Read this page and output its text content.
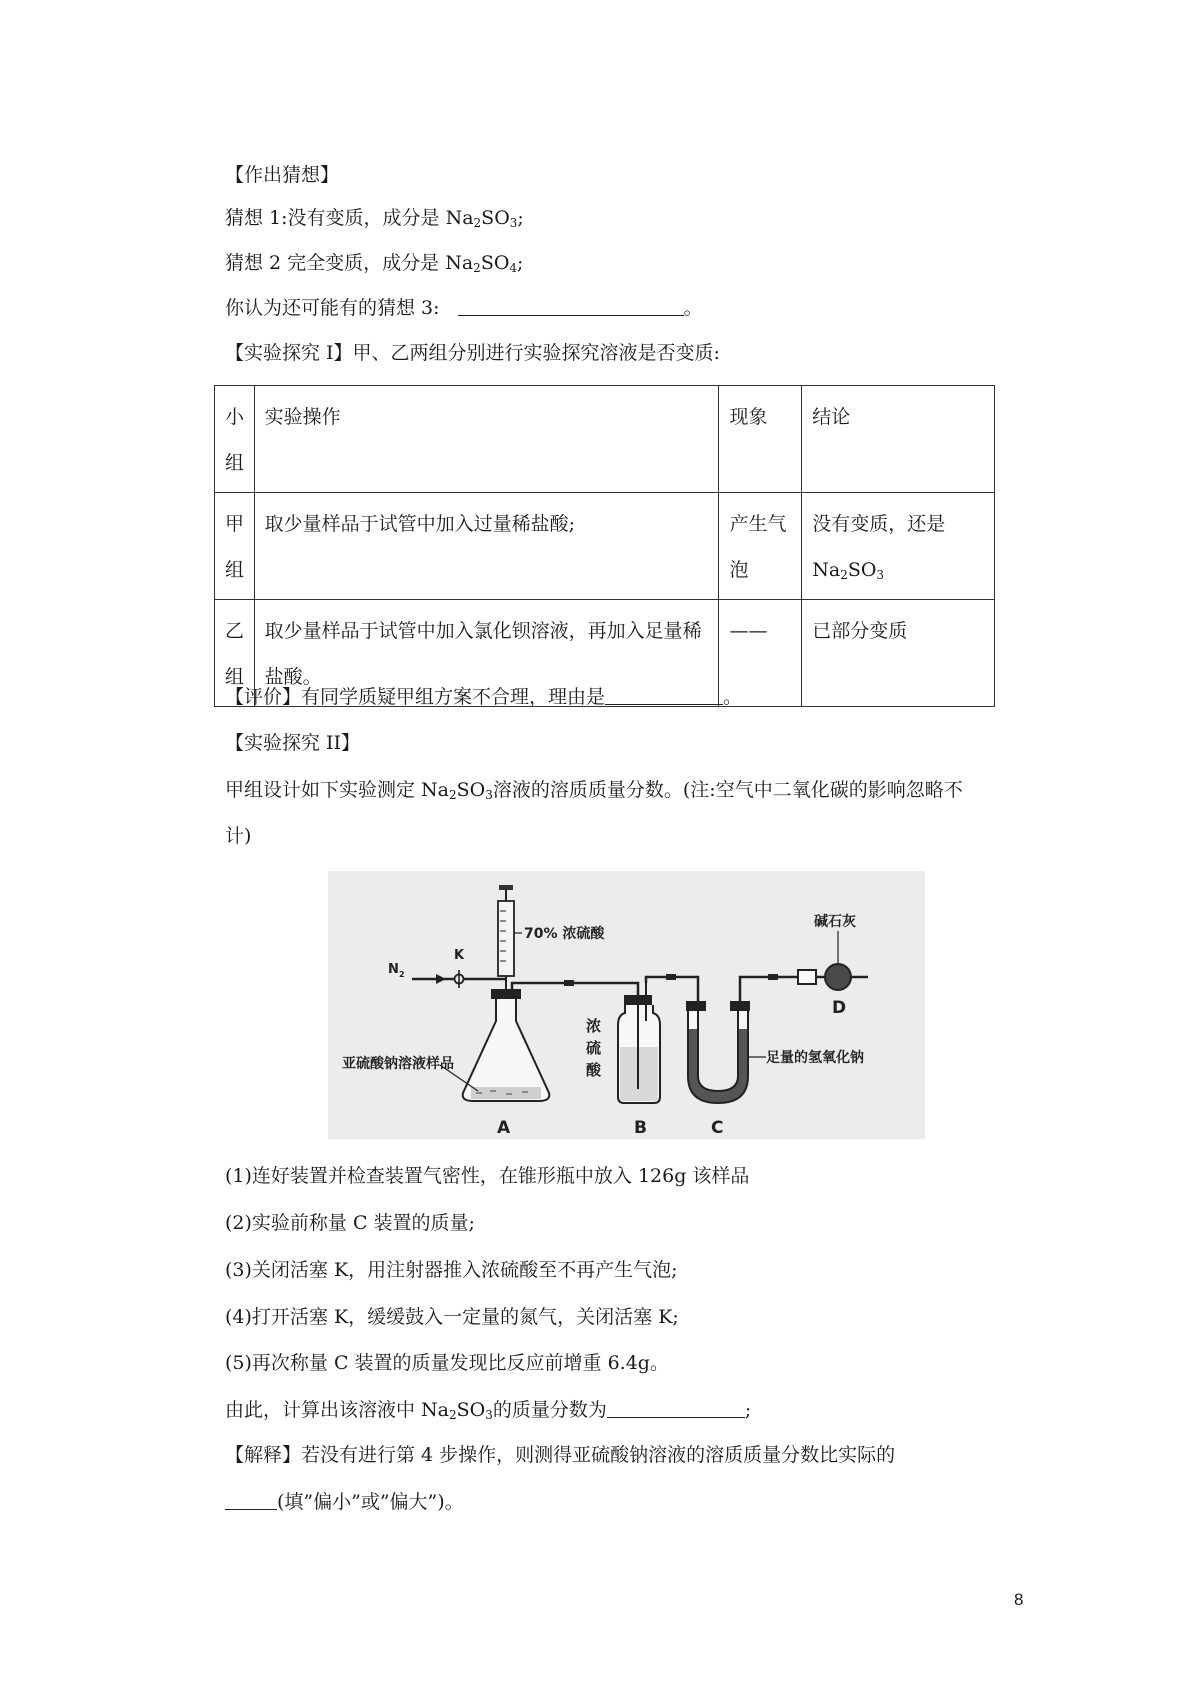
【作出猜想】
猜想 1:没有变质，成分是 $Na_2SO_3$;
猜想 2 完全变质，成分是 $Na_2SO_4$;
你认为还可能有的猜想 3:	。
【实验探究 I】甲、乙两组分别进行实验探究溶液是否变质:
小组	实验操作	现象	结论
甲组	取少量样品于试管中加入过量稀盐酸;	产生气泡	没有变质，还是 $Na_2SO_3$
乙组	取少量样品于试管中加入氯化钡溶液，再加入足量稀盐酸。	——	已部分变质
【评价】有同学质疑甲组方案不合理，理由是	。
【实验探究 II】
甲组设计如下实验测定 $Na_2SO_3$溶液的溶质质量分数。(注:空气中二氧化碳的影响忽略不
计)
N 2
K
70% 浓硫酸
亚硫酸钠溶液样品
A
浓
硫
酸
B
足量的氢氧化钠
C
碱石灰
D
(1)连好装置并检查装置气密性，在锥形瓶中放入 126g 该样品
(2)实验前称量 C 装置的质量;
(3)关闭活塞 K，用注射器推入浓硫酸至不再产生气泡;
(4)打开活塞 K，缓缓鼓入一定量的氮气，关闭活塞 K;
(5)再次称量 C 装置的质量发现比反应前增重 6.4g。
由此，计算出该溶液中 $Na_2SO_3$的质量分数为	;
【解释】若没有进行第 4 步操作，则测得亚硫酸钠溶液的溶质质量分数比实际的
(填”偏小”或”偏大”)。
8
